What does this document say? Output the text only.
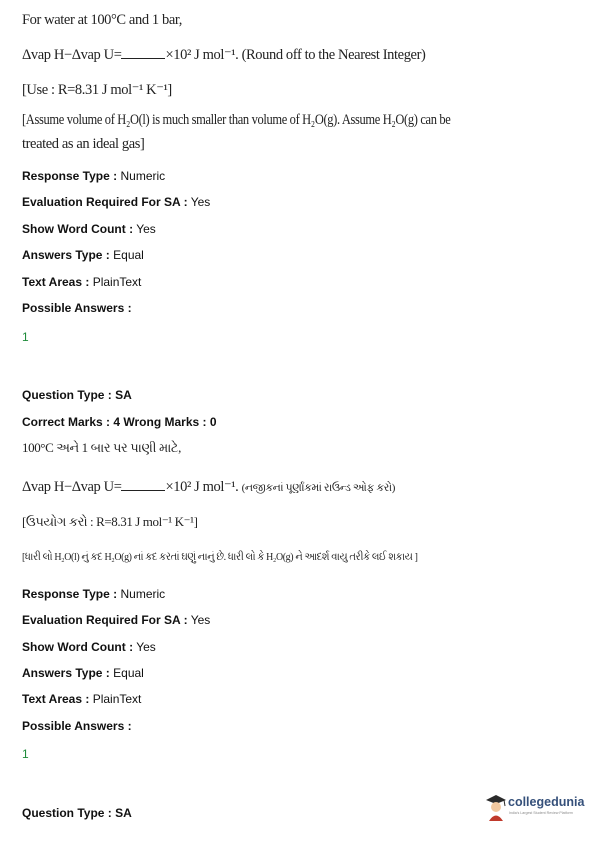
For water at 100°C and 1 bar,
Δvap H−Δvap U=	×10² J mol⁻¹. (Round off to the Nearest Integer)
[Use : R=8.31 J mol⁻¹ K⁻¹]
[Assume volume of H₂O(l) is much smaller than volume of H₂O(g). Assume H₂O(g) can be
treated as an ideal gas]
Response Type : Numeric
Evaluation Required For SA : Yes
Show Word Count : Yes
Answers Type : Equal
Text Areas : PlainText
Possible Answers :
1
Question Type : SA
Correct Marks : 4 Wrong Marks : 0
100°C અને 1 બાર પર પાણી માટે,
Δvap H−Δvap U=	×10² J mol⁻¹. (નજીકનાં પૂર્ણાંકમાં રાઉન્ડ ઓફ કરો)
[ઉપયોગ કરો : R=8.31 J mol⁻¹ K⁻¹]
[ધારી લો H₂O(l) નું કદ H₂O(g) નાં કદ કરતાં ઘણું નાનું છે. ધારી લો કે H₂O(g) ને આદર્શ વાયુ તરીકે લઈ શકાય ]
Response Type : Numeric
Evaluation Required For SA : Yes
Show Word Count : Yes
Answers Type : Equal
Text Areas : PlainText
Possible Answers :
1
Question Type : SA
collegedunia
India's Largest Student Review Platform
